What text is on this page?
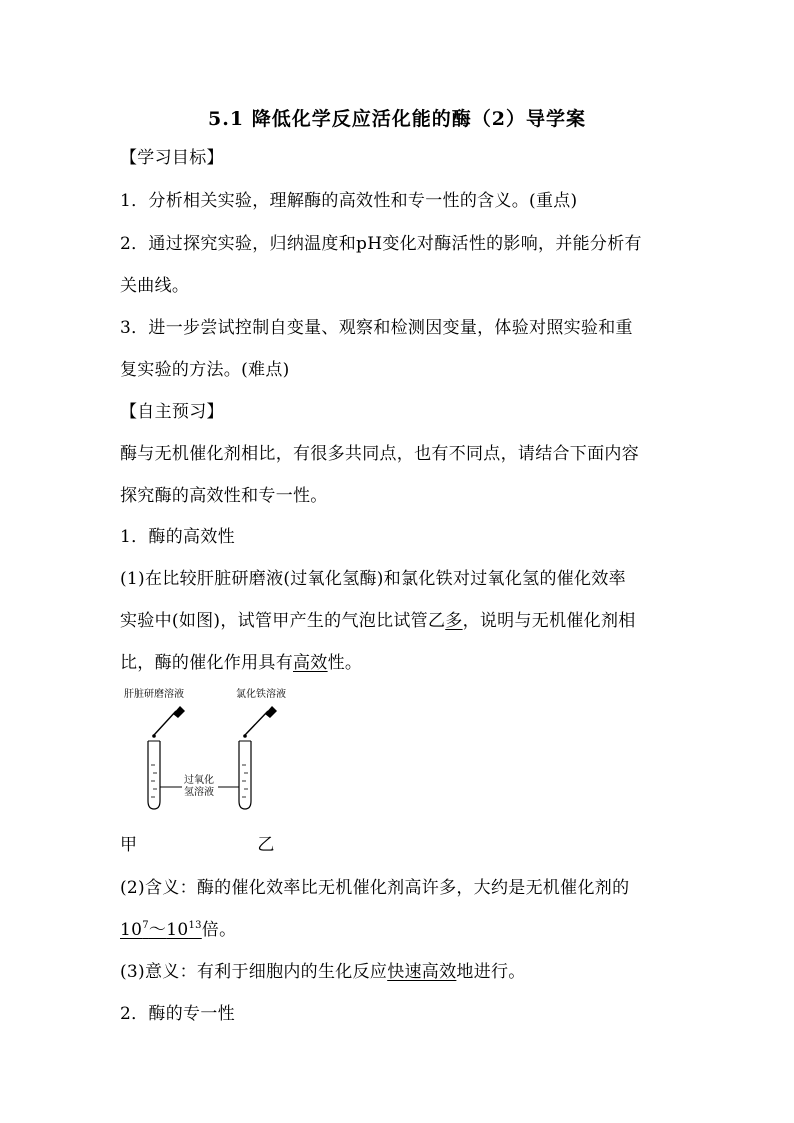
5.1 降低化学反应活化能的酶（2）导学案
【学习目标】
1．分析相关实验，理解酶的高效性和专一性的含义。(重点)
2．通过探究实验，归纳温度和pH变化对酶活性的影响，并能分析有
关曲线。
3．进一步尝试控制自变量、观察和检测因变量，体验对照实验和重
复实验的方法。(难点)
【自主预习】
酶与无机催化剂相比，有很多共同点，也有不同点，请结合下面内容
探究酶的高效性和专一性。
1．酶的高效性
(1)在比较肝脏研磨液(过氧化氢酶)和氯化铁对过氧化氢的催化效率
实验中(如图)，试管甲产生的气泡比试管乙多，说明与无机催化剂相
比，酶的催化作用具有高效性。
肝脏研磨溶液	氯化铁溶液
过氧化
氢溶液
甲	乙
(2)含义：酶的催化效率比无机催化剂高许多，大约是无机催化剂的
$10^7\sim 10^{13}$倍。
(3)意义：有利于细胞内的生化反应快速高效地进行。
2．酶的专一性
